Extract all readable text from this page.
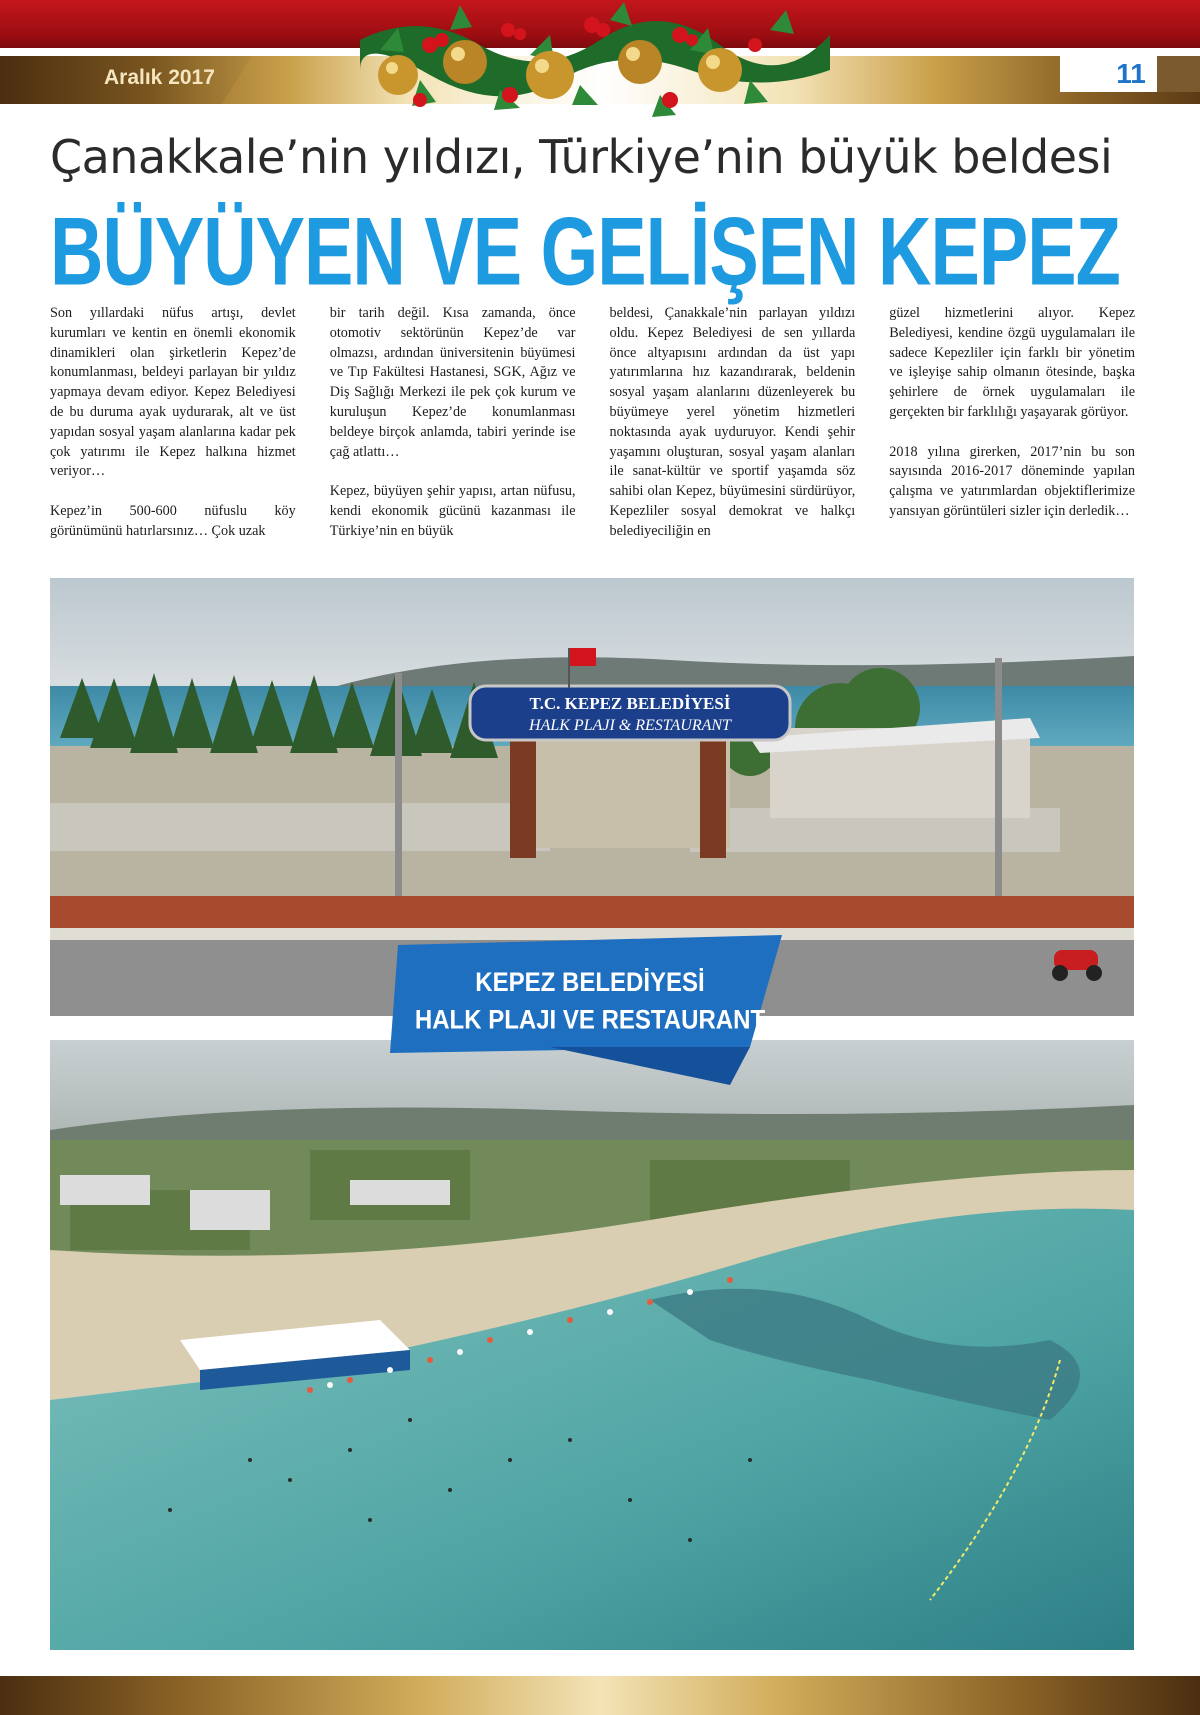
Aralık 2017	11
Çanakkale’nin yıldızı, Türkiye’nin büyük beldesi
BÜYÜYEN VE GELİŞEN KEPEZ

Son yıllardaki nüfus artışı, devlet kurumları ve kentin en önemli ekonomik dinamikleri olan şirketlerin Kepez’de konumlanması, beldeyi parlayan bir yıldız yapmaya devam ediyor. Kepez Belediyesi de bu duruma ayak uydurarak, alt ve üst yapıdan sosyal yaşam alanlarına kadar pek çok yatırımı ile Kepez halkına hizmet veriyor…

Kepez’in 500-600 nüfuslu köy görünümünü hatırlarsınız… Çok uzak

bir tarih değil. Kısa zamanda, önce otomotiv sektörünün Kepez’de var olmazsı, ardından üniversitenin büyümesi ve Tıp Fakültesi Hastanesi, SGK, Ağız ve Diş Sağlığı Merkezi ile pek çok kurum ve kuruluşun Kepez’de konumlanması beldeye birçok anlamda, tabiri yerinde ise çağ atlattı…

Kepez, büyüyen şehir yapısı, artan nüfusu, kendi ekonomik gücünü kazanması ile Türkiye’nin en büyük

beldesi, Çanakkale’nin parlayan yıldızı oldu. Kepez Belediyesi de sen yıllarda önce altyapısını ardından da üst yapı yatırımlarına hız kazandırarak, beldenin sosyal yaşam alanlarını düzenleyerek bu büyümeye yerel yönetim hizmetleri noktasında ayak uyduruyor. Kendi şehir yaşamını oluşturan, sosyal yaşam alanları ile sanat-kültür ve sportif yaşamda söz sahibi olan Kepez, büyümesini sürdürüyor, Kepezliler sosyal demokrat ve halkçı belediyeciliğin en

güzel hizmetlerini alıyor. Kepez Belediyesi, kendine özgü uygulamaları ile sadece Kepezliler için farklı bir yönetim ve işleyişe sahip olmanın ötesinde, başka şehirlere de örnek uygulamaları ile gerçekten bir farklılığı yaşayarak görüyor.

2018 yılına girerken, 2017’nin bu son sayısında 2016-2017 döneminde yapılan çalışma ve yatırımlardan objektiflerimize yansıyan görüntüleri sizler için derledik…

T.C. KEPEZ BELEDİYESİ
HALK PLAJI & RESTAURANT
KEPEZ BELEDİYESİ
HALK PLAJI VE RESTAURANT
